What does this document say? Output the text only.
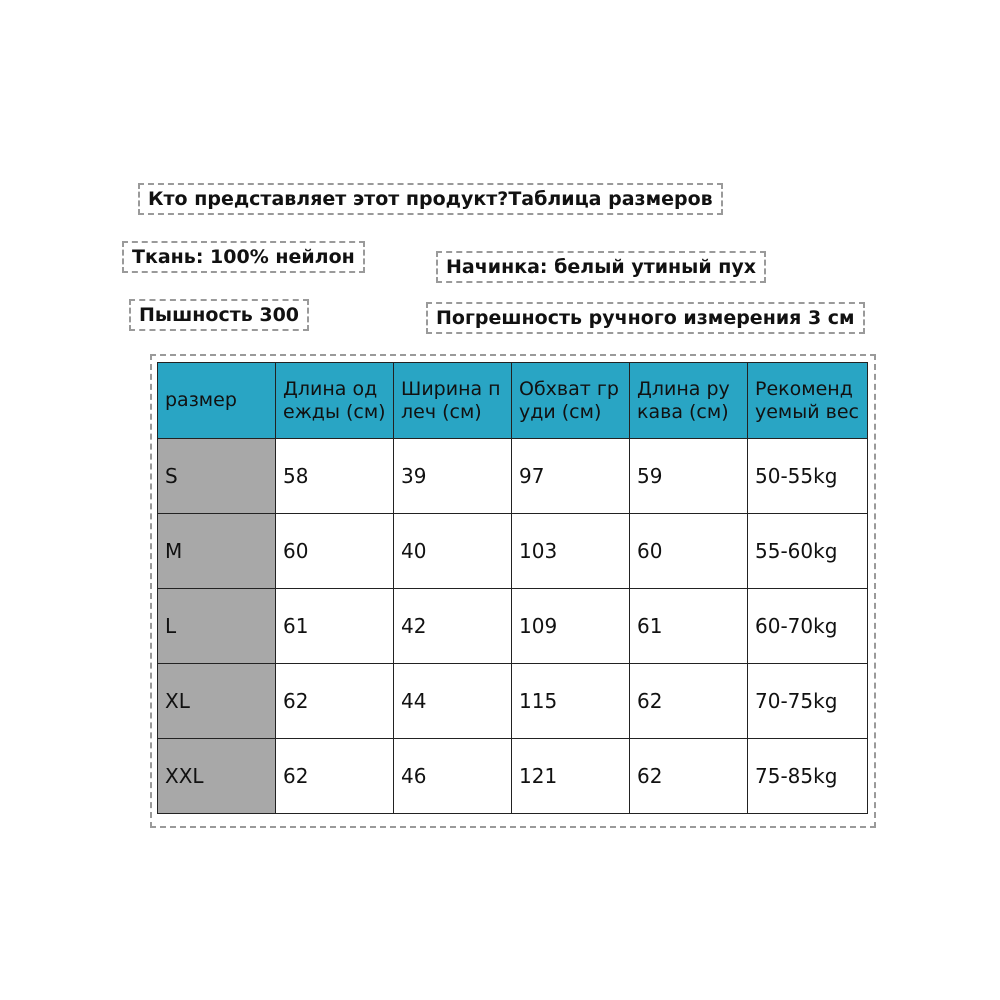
Кто представляет этот продукт?Таблица размеров
Ткань: 100% нейлон	Начинка: белый утиный пух
Пышность 300	Погрешность ручного измерения 3 см
размер	Длина одежды (см)	Ширина плеч (см)	Обхват груди (см)	Длина рукава (см)	Рекомендуемый вес
S	58	39	97	59	50-55kg
M	60	40	103	60	55-60kg
L	61	42	109	61	60-70kg
XL	62	44	115	62	70-75kg
XXL	62	46	121	62	75-85kg
